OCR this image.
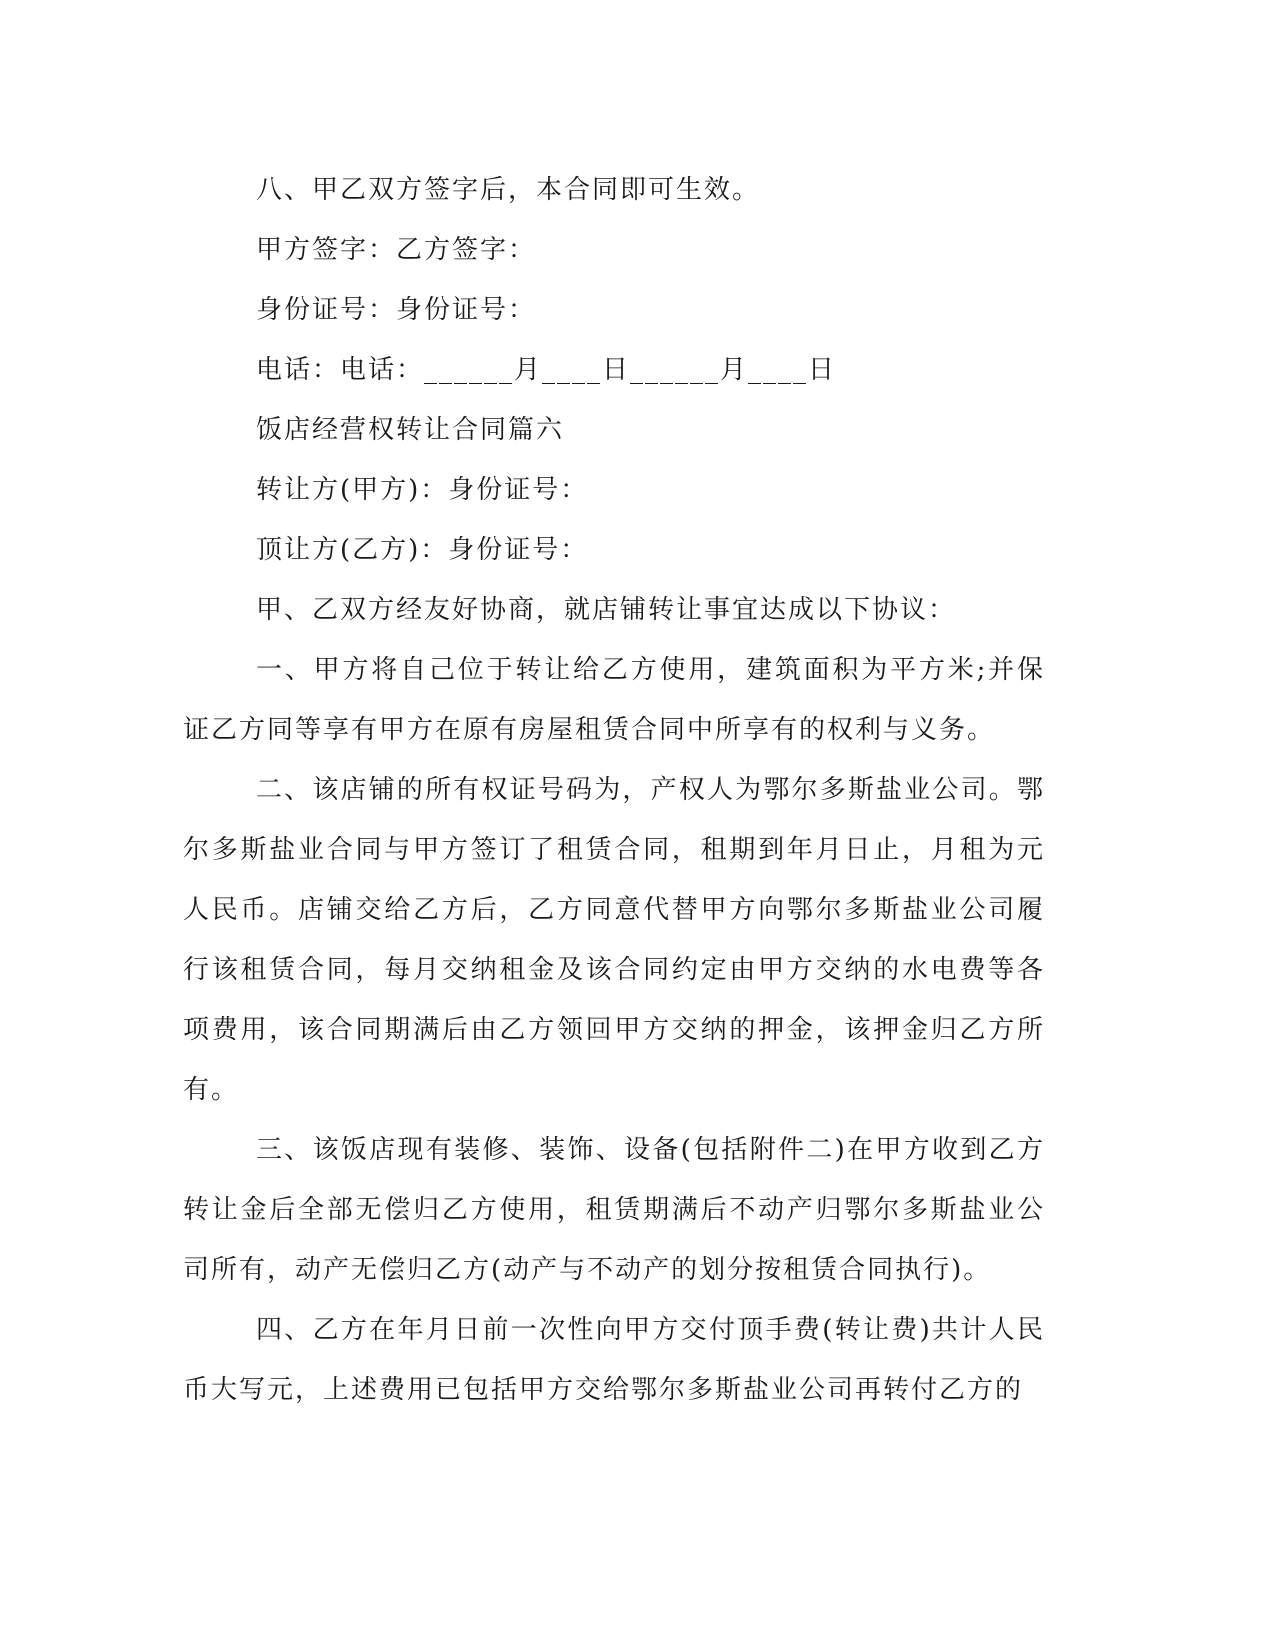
八、甲乙双方签字后，本合同即可生效。
甲方签字：乙方签字：
身份证号：身份证号：
电话：电话：______月____日______月____日
饭店经营权转让合同篇六
转让方(甲方)：身份证号：
顶让方(乙方)：身份证号：
甲、乙双方经友好协商，就店铺转让事宜达成以下协议：

一、甲方将自己位于转让给乙方使用，建筑面积为平方米;并保证乙方同等享有甲方在原有房屋租赁合同中所享有的权利与义务。

二、该店铺的所有权证号码为，产权人为鄂尔多斯盐业公司。鄂尔多斯盐业合同与甲方签订了租赁合同，租期到年月日止，月租为元人民币。店铺交给乙方后，乙方同意代替甲方向鄂尔多斯盐业公司履行该租赁合同，每月交纳租金及该合同约定由甲方交纳的水电费等各项费用，该合同期满后由乙方领回甲方交纳的押金，该押金归乙方所有。

三、该饭店现有装修、装饰、设备(包括附件二)在甲方收到乙方转让金后全部无偿归乙方使用，租赁期满后不动产归鄂尔多斯盐业公司所有，动产无偿归乙方(动产与不动产的划分按租赁合同执行)。

四、乙方在年月日前一次性向甲方交付顶手费(转让费)共计人民币大写元，上述费用已包括甲方交给鄂尔多斯盐业公司再转付乙方的
